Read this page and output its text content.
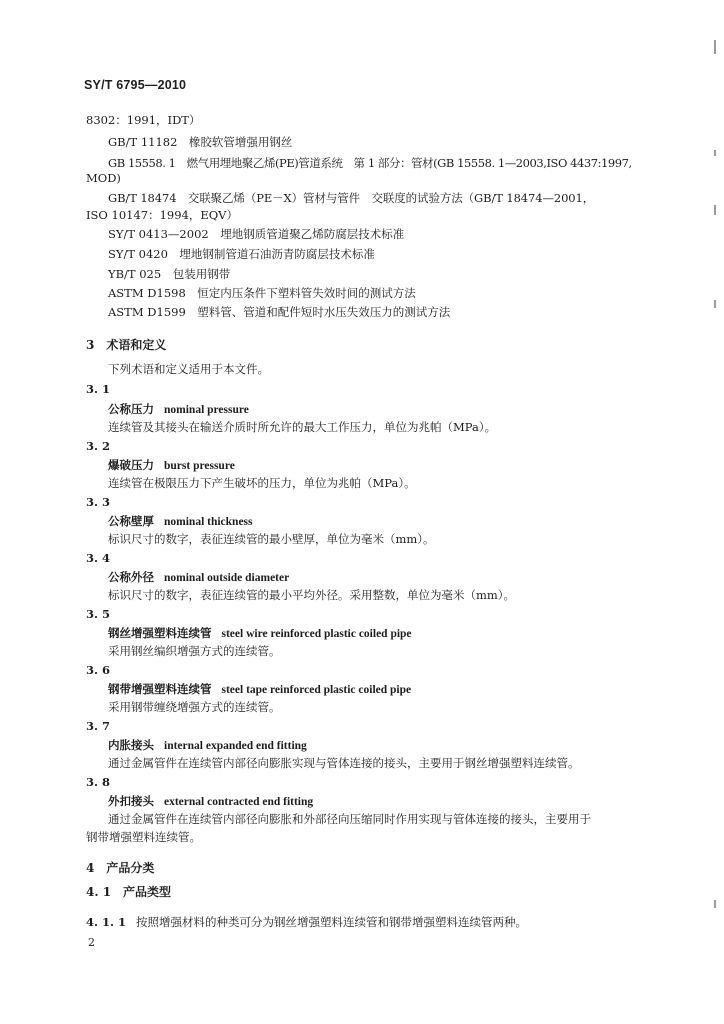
SY/T 6795—2010
8302：1991，IDT）
GB/T 11182　橡胶软管增强用钢丝
GB 15558. 1　燃气用埋地聚乙烯(PE)管道系统　第 1 部分：管材(GB 15558. 1—2003,ISO 4437:1997,
MOD)
GB/T 18474　交联聚乙烯（PE－X）管材与管件　交联度的试验方法（GB/T 18474—2001，
ISO 10147：1994，EQV）
SY/T 0413—2002　埋地钢质管道聚乙烯防腐层技术标准
SY/T 0420　埋地钢制管道石油沥青防腐层技术标准
YB/T 025　包装用钢带
ASTM D1598　恒定内压条件下塑料管失效时间的测试方法
ASTM D1599　塑料管、管道和配件短时水压失效压力的测试方法
3　术语和定义
下列术语和定义适用于本文件。
3. 1
公称压力 nominal pressure
连续管及其接头在输送介质时所允许的最大工作压力，单位为兆帕（MPa）。
3. 2
爆破压力 burst pressure
连续管在极限压力下产生破坏的压力，单位为兆帕（MPa）。
3. 3
公称壁厚 nominal thickness
标识尺寸的数字，表征连续管的最小壁厚，单位为毫米（mm）。
3. 4
公称外径 nominal outside diameter
标识尺寸的数字，表征连续管的最小平均外径。采用整数，单位为毫米（mm）。
3. 5
钢丝增强塑料连续管 steel wire reinforced plastic coiled pipe
采用钢丝编织增强方式的连续管。
3. 6
钢带增强塑料连续管 steel tape reinforced plastic coiled pipe
采用钢带缠绕增强方式的连续管。
3. 7
内胀接头 internal expanded end fitting
通过金属管件在连续管内部径向膨胀实现与管体连接的接头，主要用于钢丝增强塑料连续管。
3. 8
外扣接头 external contracted end fitting
通过金属管件在连续管内部径向膨胀和外部径向压缩同时作用实现与管体连接的接头，主要用于
钢带增强塑料连续管。
4　产品分类
4. 1　产品类型
4. 1. 1 按照增强材料的种类可分为钢丝增强塑料连续管和钢带增强塑料连续管两种。
2
